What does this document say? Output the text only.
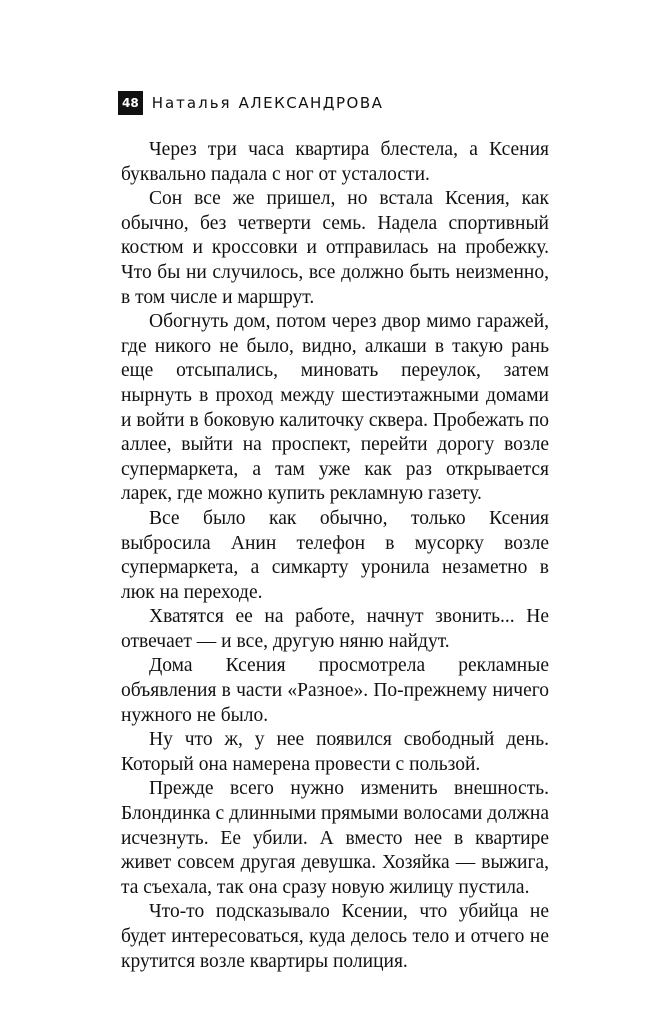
48 Наталья АЛЕКСАНДРОВА

Через три часа квартира блестела, а Ксения буквально падала с ног от усталости.

Сон все же пришел, но встала Ксения, как обычно, без четверти семь. Надела спортивный костюм и кроссовки и отправилась на пробежку. Что бы ни случилось, все должно быть неизменно, в том числе и маршрут.

Обогнуть дом, потом через двор мимо гаражей, где никого не было, видно, алкаши в такую рань еще отсыпались, миновать переулок, затем нырнуть в проход между шестиэтажными домами и войти в боковую калиточку сквера. Пробежать по аллее, выйти на проспект, перейти дорогу возле супермаркета, а там уже как раз открывается ларек, где можно купить рекламную газету.

Все было как обычно, только Ксения выбросила Анин телефон в мусорку возле супермаркета, а симкарту уронила незаметно в люк на переходе.

Хватятся ее на работе, начнут звонить... Не отвечает — и все, другую няню найдут.

Дома Ксения просмотрела рекламные объявления в части «Разное». По-прежнему ничего нужного не было.

Ну что ж, у нее появился свободный день. Который она намерена провести с пользой.

Прежде всего нужно изменить внешность. Блондинка с длинными прямыми волосами должна исчезнуть. Ее убили. А вместо нее в квартире живет совсем другая девушка. Хозяйка — выжига, та съехала, так она сразу новую жилицу пустила.

Что-то подсказывало Ксении, что убийца не будет интересоваться, куда делось тело и отчего не крутится возле квартиры полиция.
